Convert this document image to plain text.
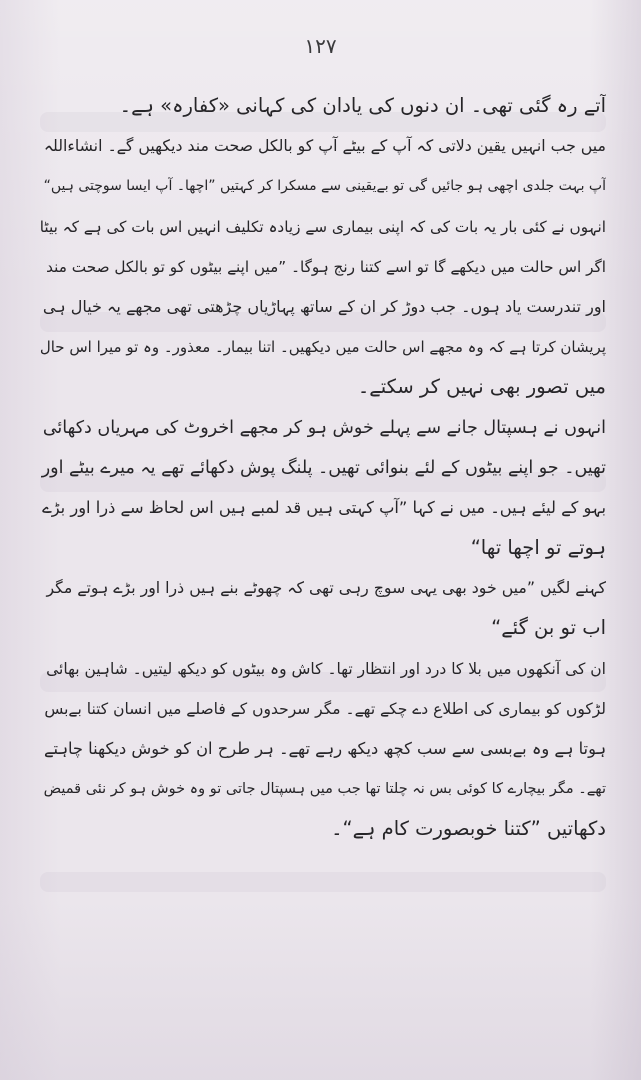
۱۲۷
آتے رہ گئی تھی۔ ان دنوں کی یادان کی کہانی «کفارہ» ہے۔
میں جب انہیں یقین دلاتی کہ آپ کے بیٹے آپ کو بالکل صحت مند دیکھیں گے۔ انشاءاللہ
آپ بہت جلدی اچھی ہو جائیں گی تو بےیقینی سے مسکرا کر کہتیں ”اچھا۔ آپ ایسا سوچتی ہیں“
انہوں نے کئی بار یہ بات کی کہ اپنی بیماری سے زیادہ تکلیف انہیں اس بات کی ہے کہ بیٹا
اگر اس حالت میں دیکھے گا تو اسے کتنا رنج ہوگا۔ ”میں اپنے بیٹوں کو تو بالکل صحت مند
اور تندرست یاد ہوں۔ جب دوڑ کر ان کے ساتھ پہاڑیاں چڑھتی تھی مجھے یہ خیال ہی
پریشان کرتا ہے کہ وہ مجھے اس حالت میں دیکھیں۔ اتنا بیمار۔ معذور۔ وہ تو میرا اس حال
میں تصور بھی نہیں کر سکتے۔
انہوں نے ہسپتال جانے سے پہلے خوش ہو کر مجھے اخروٹ کی مہریاں دکھائی
تھیں۔ جو اپنے بیٹوں کے لئے بنوائی تھیں۔ پلنگ پوش دکھائے تھے یہ میرے بیٹے اور
بہو کے لیئے ہیں۔ میں نے کہا ”آپ کہتی ہیں قد لمبے ہیں اس لحاظ سے ذرا اور بڑے
ہوتے تو اچھا تھا“
کہنے لگیں ”میں خود بھی یہی سوچ رہی تھی کہ چھوٹے بنے ہیں ذرا اور بڑے ہوتے مگر
اب تو بن گئے“
ان کی آنکھوں میں بلا کا درد اور انتظار تھا۔ کاش وہ بیٹوں کو دیکھ لیتیں۔ شاہین بھائی
لڑکوں کو بیماری کی اطلاع دے چکے تھے۔ مگر سرحدوں کے فاصلے میں انسان کتنا بےبس
ہوتا ہے وہ بےبسی سے سب کچھ دیکھ رہے تھے۔ ہر طرح ان کو خوش دیکھنا چاہتے
تھے۔ مگر بیچارے کا کوئی بس نہ چلتا تھا جب میں ہسپتال جاتی تو وہ خوش ہو کر نئی قمیض
دکھاتیں ”کتنا خوبصورت کام ہے“۔
